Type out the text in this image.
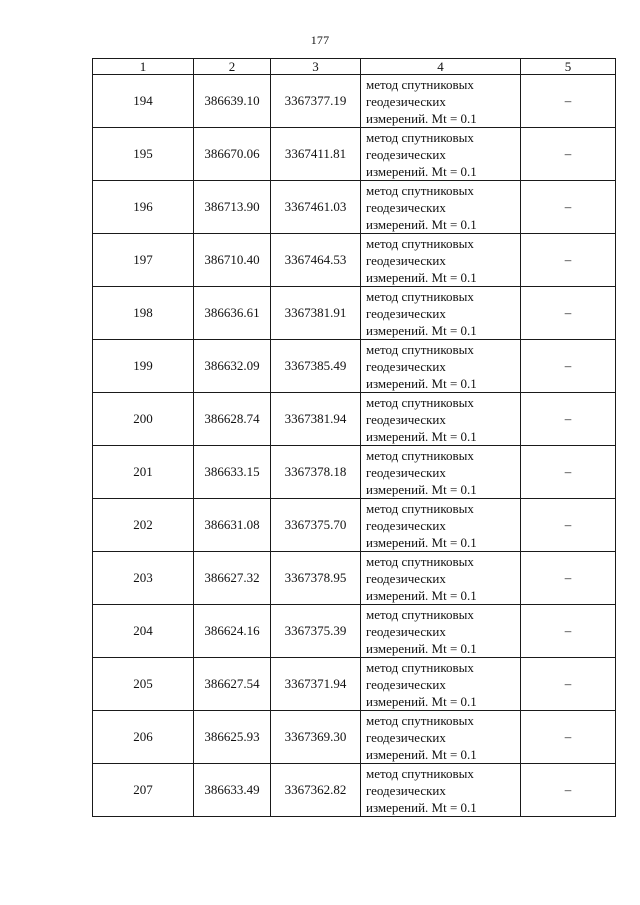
177
1	2	3	4	5
194	386639.10	3367377.19	метод спутниковых
геодезических
измерений. Mt = 0.1	–
195	386670.06	3367411.81	метод спутниковых
геодезических
измерений. Mt = 0.1	–
196	386713.90	3367461.03	метод спутниковых
геодезических
измерений. Mt = 0.1	–
197	386710.40	3367464.53	метод спутниковых
геодезических
измерений. Mt = 0.1	–
198	386636.61	3367381.91	метод спутниковых
геодезических
измерений. Mt = 0.1	–
199	386632.09	3367385.49	метод спутниковых
геодезических
измерений. Mt = 0.1	–
200	386628.74	3367381.94	метод спутниковых
геодезических
измерений. Mt = 0.1	–
201	386633.15	3367378.18	метод спутниковых
геодезических
измерений. Mt = 0.1	–
202	386631.08	3367375.70	метод спутниковых
геодезических
измерений. Mt = 0.1	–
203	386627.32	3367378.95	метод спутниковых
геодезических
измерений. Mt = 0.1	–
204	386624.16	3367375.39	метод спутниковых
геодезических
измерений. Mt = 0.1	–
205	386627.54	3367371.94	метод спутниковых
геодезических
измерений. Mt = 0.1	–
206	386625.93	3367369.30	метод спутниковых
геодезических
измерений. Mt = 0.1	–
207	386633.49	3367362.82	метод спутниковых
геодезических
измерений. Mt = 0.1	–
